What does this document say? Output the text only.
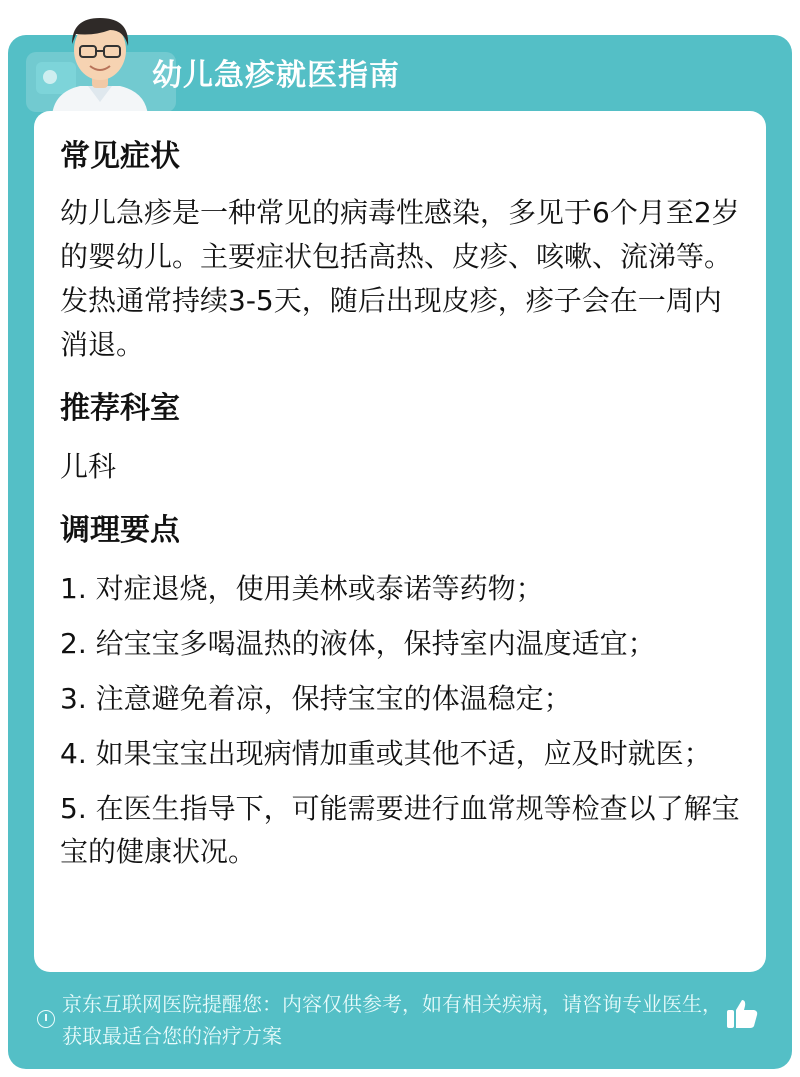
幼儿急疹就医指南
常见症状

幼儿急疹是一种常见的病毒性感染，多见于6个月至2岁的婴幼儿。主要症状包括高热、皮疹、咳嗽、流涕等。发热通常持续3-5天，随后出现皮疹，疹子会在一周内消退。

推荐科室

儿科

调理要点

1. 对症退烧，使用美林或泰诺等药物；

2. 给宝宝多喝温热的液体，保持室内温度适宜；

3. 注意避免着凉，保持宝宝的体温稳定；

4. 如果宝宝出现病情加重或其他不适，应及时就医；

5. 在医生指导下，可能需要进行血常规等检查以了解宝宝的健康状况。

京东互联网医院提醒您：内容仅供参考，如有相关疾病，请咨询专业医生，获取最适合您的治疗方案
